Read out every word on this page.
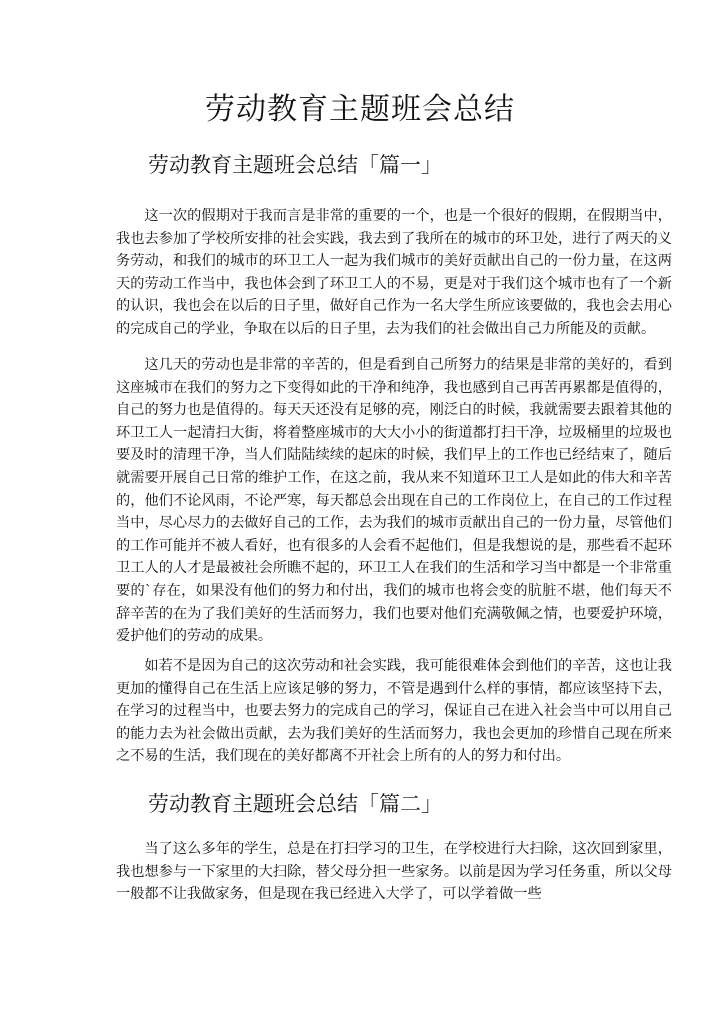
劳动教育主题班会总结
劳动教育主题班会总结「篇一」

这一次的假期对于我而言是非常的重要的一个，也是一个很好的假期，在假期当中，我也去参加了学校所安排的社会实践，我去到了我所在的城市的环卫处，进行了两天的义务劳动，和我们的城市的环卫工人一起为我们城市的美好贡献出自己的一份力量，在这两天的劳动工作当中，我也体会到了环卫工人的不易，更是对于我们这个城市也有了一个新的认识，我也会在以后的日子里，做好自己作为一名大学生所应该要做的，我也会去用心的完成自己的学业，争取在以后的日子里，去为我们的社会做出自己力所能及的贡献。

这几天的劳动也是非常的辛苦的，但是看到自己所努力的结果是非常的美好的，看到这座城市在我们的努力之下变得如此的干净和纯净，我也感到自己再苦再累都是值得的，自己的努力也是值得的。每天天还没有足够的亮，刚泛白的时候，我就需要去跟着其他的环卫工人一起清扫大街，将着整座城市的大大小小的街道都打扫干净，垃圾桶里的垃圾也要及时的清理干净，当人们陆陆续续的起床的时候，我们早上的工作也已经结束了，随后就需要开展自己日常的维护工作，在这之前，我从来不知道环卫工人是如此的伟大和辛苦的，他们不论风雨，不论严寒，每天都总会出现在自己的工作岗位上，在自己的工作过程当中，尽心尽力的去做好自己的工作，去为我们的城市贡献出自己的一份力量，尽管他们的工作可能并不被人看好，也有很多的人会看不起他们，但是我想说的是，那些看不起环卫工人的人才是最被社会所瞧不起的，环卫工人在我们的生活和学习当中都是一个非常重要的`存在，如果没有他们的努力和付出，我们的城市也将会变的肮脏不堪，他们每天不辞辛苦的在为了我们美好的生活而努力，我们也要对他们充满敬佩之情，也要爱护环境，爱护他们的劳动的成果。

如若不是因为自己的这次劳动和社会实践，我可能很难体会到他们的辛苦，这也让我更加的懂得自己在生活上应该足够的努力，不管是遇到什么样的事情，都应该坚持下去，在学习的过程当中，也要去努力的完成自己的学习，保证自己在进入社会当中可以用自己的能力去为社会做出贡献，去为我们美好的生活而努力，我也会更加的珍惜自己现在所来之不易的生活，我们现在的美好都离不开社会上所有的人的努力和付出。

劳动教育主题班会总结「篇二」

当了这么多年的学生，总是在打扫学习的卫生，在学校进行大扫除，这次回到家里，我也想参与一下家里的大扫除，替父母分担一些家务。以前是因为学习任务重，所以父母一般都不让我做家务，但是现在我已经进入大学了，可以学着做一些
